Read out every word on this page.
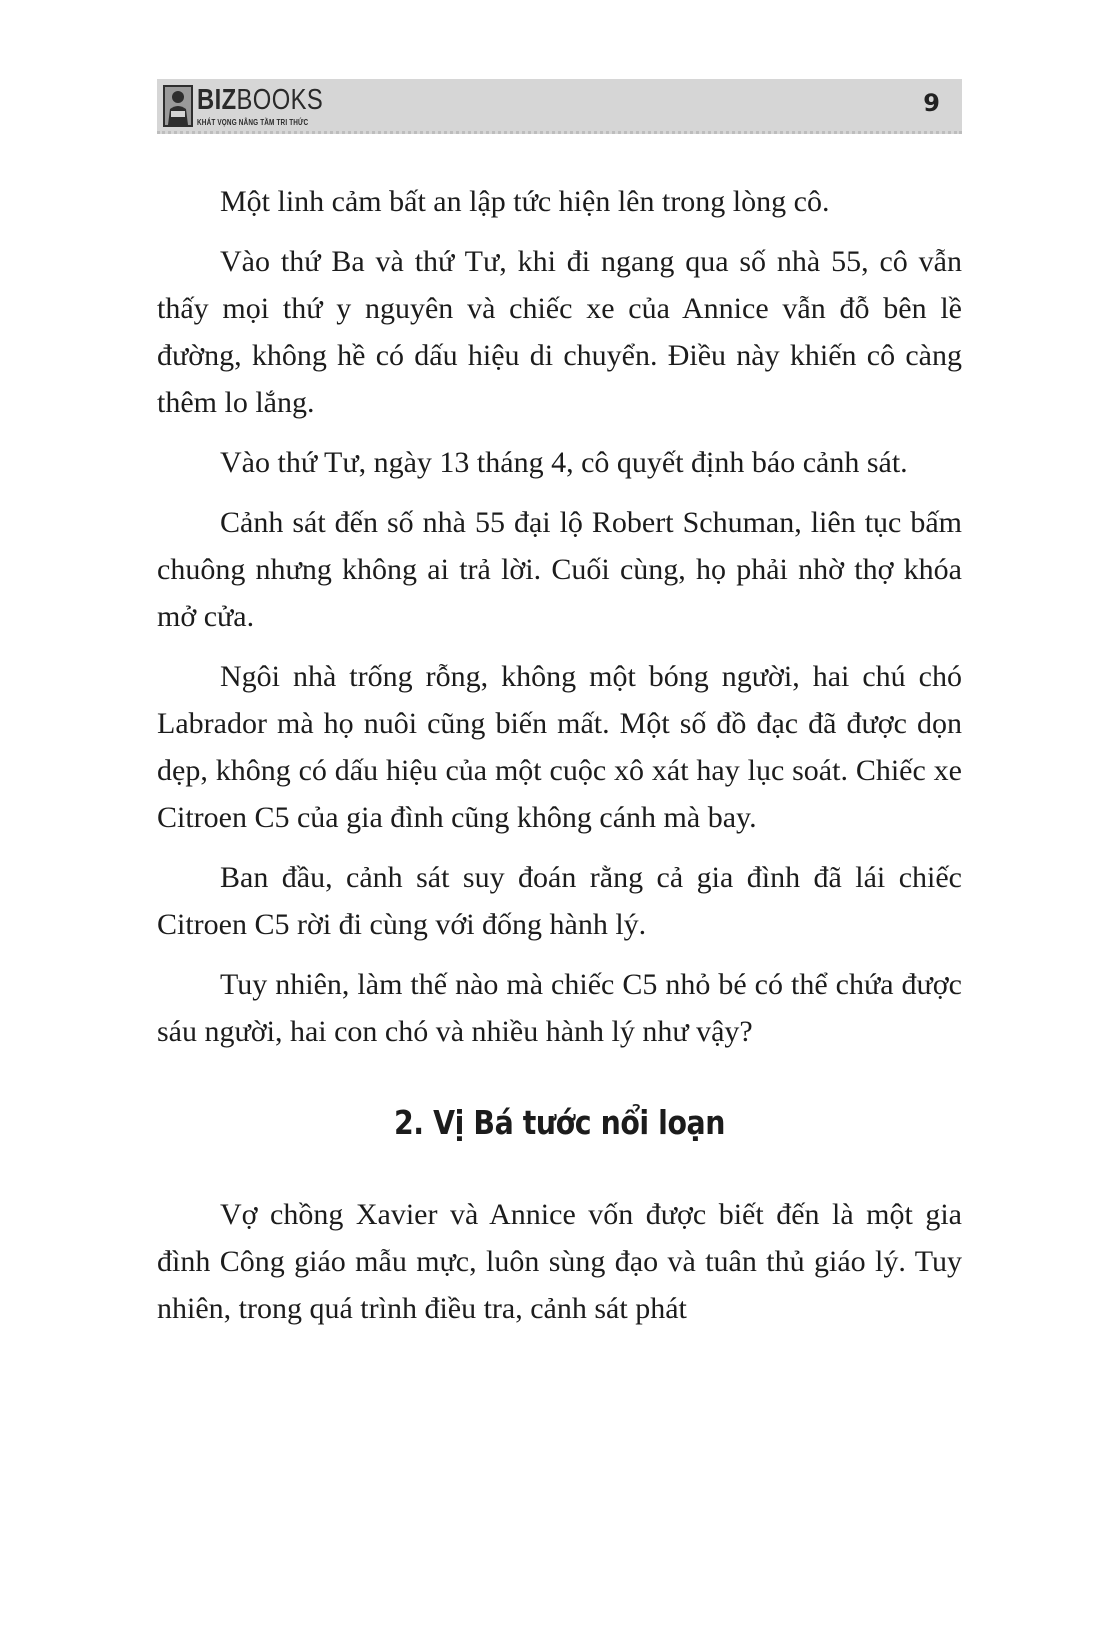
BIZBOOKS
KHÁT VỌNG NÂNG TẦM TRI THỨC
9

Một linh cảm bất an lập tức hiện lên trong lòng cô.

Vào thứ Ba và thứ Tư, khi đi ngang qua số nhà 55, cô vẫn thấy mọi thứ y nguyên và chiếc xe của Annice vẫn đỗ bên lề đường, không hề có dấu hiệu di chuyển. Điều này khiến cô càng thêm lo lắng.

Vào thứ Tư, ngày 13 tháng 4, cô quyết định báo cảnh sát.

Cảnh sát đến số nhà 55 đại lộ Robert Schuman, liên tục bấm chuông nhưng không ai trả lời. Cuối cùng, họ phải nhờ thợ khóa mở cửa.

Ngôi nhà trống rỗng, không một bóng người, hai chú chó Labrador mà họ nuôi cũng biến mất. Một số đồ đạc đã được dọn dẹp, không có dấu hiệu của một cuộc xô xát hay lục soát. Chiếc xe Citroen C5 của gia đình cũng không cánh mà bay.

Ban đầu, cảnh sát suy đoán rằng cả gia đình đã lái chiếc Citroen C5 rời đi cùng với đống hành lý.

Tuy nhiên, làm thế nào mà chiếc C5 nhỏ bé có thể chứa được sáu người, hai con chó và nhiều hành lý như vậy?

2. Vị Bá tước nổi loạn

Vợ chồng Xavier và Annice vốn được biết đến là một gia đình Công giáo mẫu mực, luôn sùng đạo và tuân thủ giáo lý. Tuy nhiên, trong quá trình điều tra, cảnh sát phát
